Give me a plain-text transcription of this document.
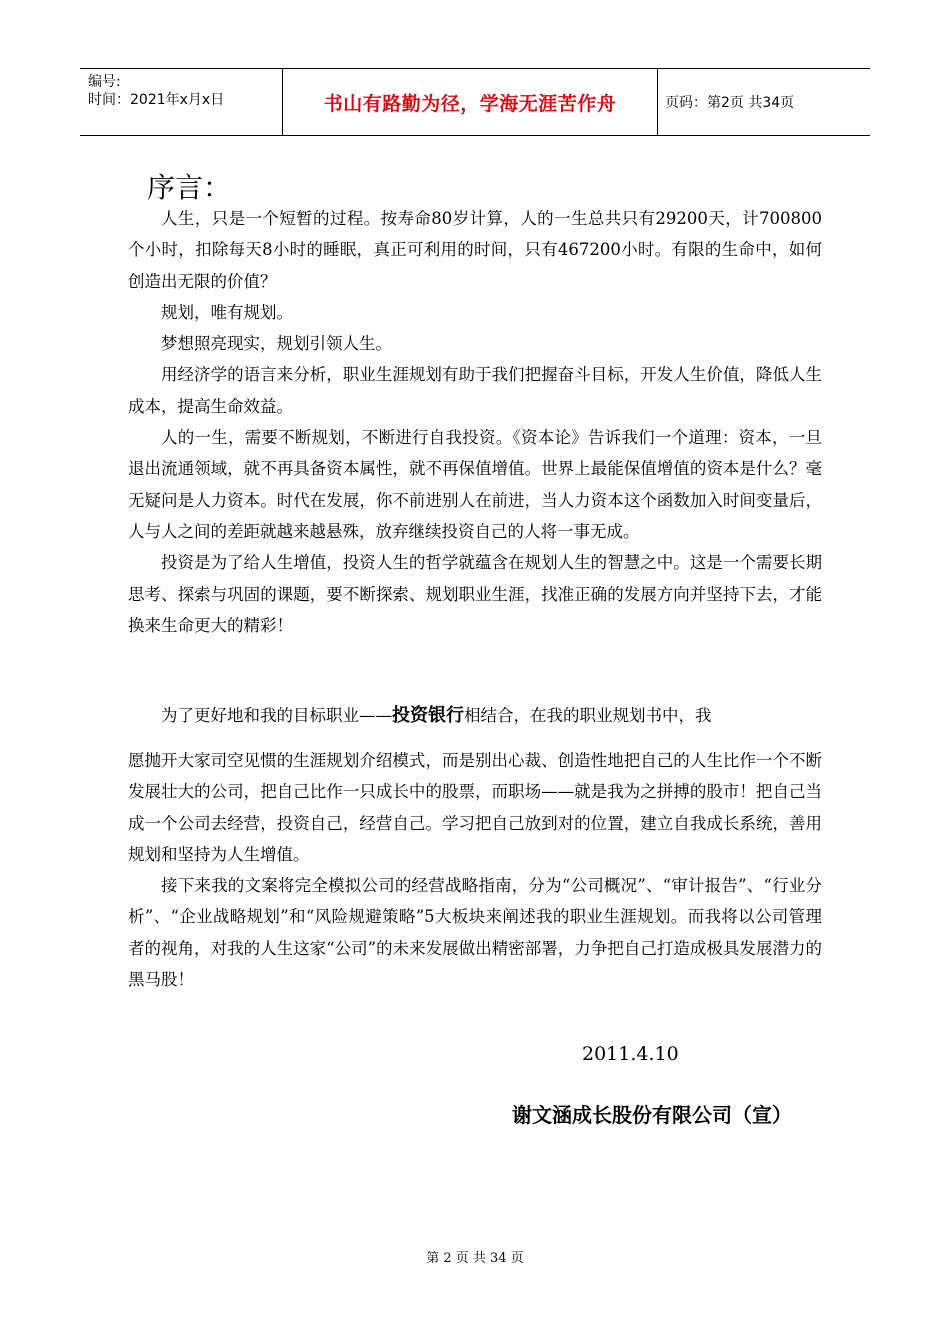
编号:
时间：2021年x月x日	书山有路勤为径，学海无涯苦作舟	页码：第2页 共34页
序言：

人生，只是一个短暂的过程。按寿命80岁计算，人的一生总共只有29200天，计700800个小时，扣除每天8小时的睡眠，真正可利用的时间，只有467200小时。有限的生命中，如何创造出无限的价值？

规划，唯有规划。

梦想照亮现实，规划引领人生。

用经济学的语言来分析，职业生涯规划有助于我们把握奋斗目标，开发人生价值，降低人生成本，提高生命效益。

人的一生，需要不断规划，不断进行自我投资。《资本论》告诉我们一个道理：资本，一旦退出流通领域，就不再具备资本属性，就不再保值增值。世界上最能保值增值的资本是什么？毫无疑问是人力资本。时代在发展，你不前进别人在前进，当人力资本这个函数加入时间变量后，人与人之间的差距就越来越悬殊，放弃继续投资自己的人将一事无成。

投资是为了给人生增值，投资人生的哲学就蕴含在规划人生的智慧之中。这是一个需要长期思考、探索与巩固的课题，要不断探索、规划职业生涯，找准正确的发展方向并坚持下去，才能换来生命更大的精彩！

为了更好地和我的目标职业——投资银行相结合，在我的职业规划书中，我

愿抛开大家司空见惯的生涯规划介绍模式，而是别出心裁、创造性地把自己的人生比作一个不断发展壮大的公司，把自己比作一只成长中的股票，而职场——就是我为之拼搏的股市！把自己当成一个公司去经营，投资自己，经营自己。学习把自己放到对的位置，建立自我成长系统，善用规划和坚持为人生增值。

接下来我的文案将完全模拟公司的经营战略指南，分为“公司概况”、“审计报告”、“行业分析”、“企业战略规划”和“风险规避策略”5大板块来阐述我的职业生涯规划。而我将以公司管理者的视角，对我的人生这家“公司”的未来发展做出精密部署，力争把自己打造成极具发展潜力的黑马股！

2011.4.10
谢文涵成长股份有限公司（宣）
第 2 页 共 34 页
